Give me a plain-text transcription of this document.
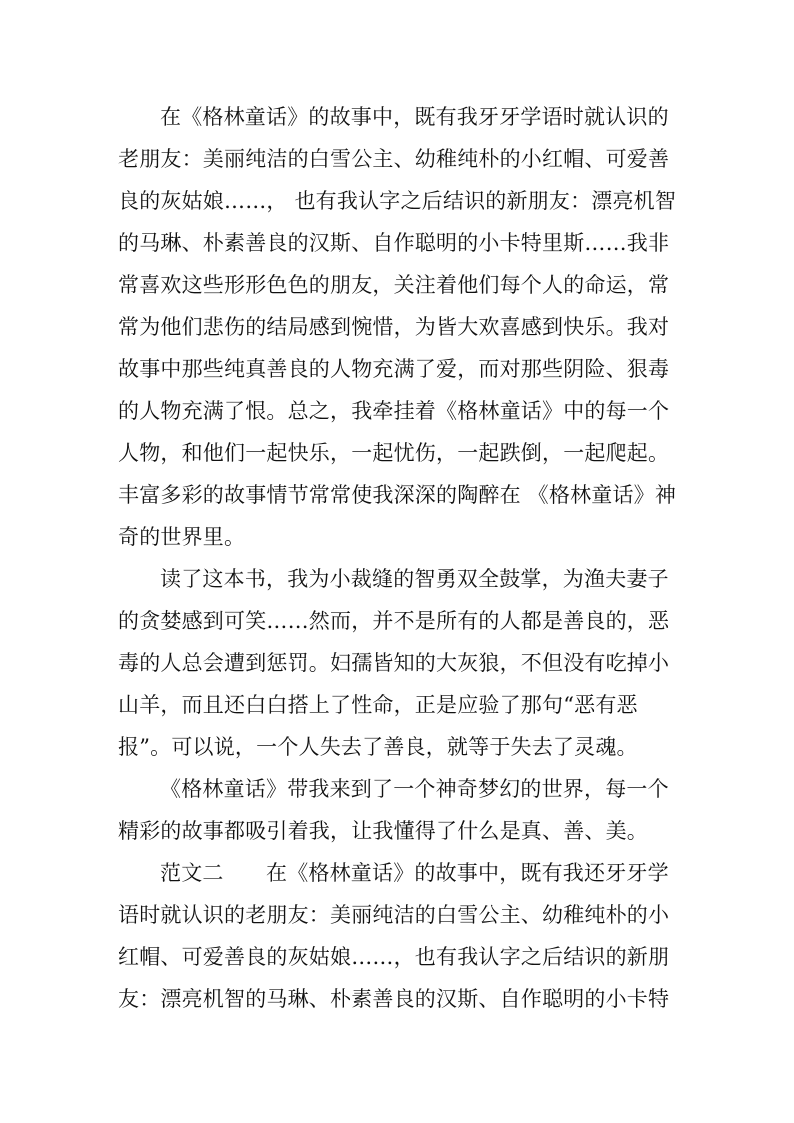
在《格林童话》的故事中，既有我牙牙学语时就认识的
老朋友：美丽纯洁的白雪公主、幼稚纯朴的小红帽、可爱善
良的灰姑娘……， 也有我认字之后结识的新朋友：漂亮机智
的马琳、朴素善良的汉斯、自作聪明的小卡特里斯……我非
常喜欢这些形形色色的朋友，关注着他们每个人的命运，常
常为他们悲伤的结局感到惋惜，为皆大欢喜感到快乐。我对
故事中那些纯真善良的人物充满了爱，而对那些阴险、狠毒
的人物充满了恨。总之，我牵挂着《格林童话》中的每一个
人物，和他们一起快乐，一起忧伤，一起跌倒，一起爬起。
丰富多彩的故事情节常常使我深深的陶醉在 《格林童话》神
奇的世界里。
读了这本书，我为小裁缝的智勇双全鼓掌，为渔夫妻子
的贪婪感到可笑……然而，并不是所有的人都是善良的，恶
毒的人总会遭到惩罚。妇孺皆知的大灰狼，不但没有吃掉小
山羊，而且还白白搭上了性命，正是应验了那句“恶有恶
报”。可以说，一个人失去了善良，就等于失去了灵魂。
《格林童话》带我来到了一个神奇梦幻的世界，每一个
精彩的故事都吸引着我，让我懂得了什么是真、善、美。
范文二　　在《格林童话》的故事中，既有我还牙牙学
语时就认识的老朋友：美丽纯洁的白雪公主、幼稚纯朴的小
红帽、可爱善良的灰姑娘……，也有我认字之后结识的新朋
友：漂亮机智的马琳、朴素善良的汉斯、自作聪明的小卡特
